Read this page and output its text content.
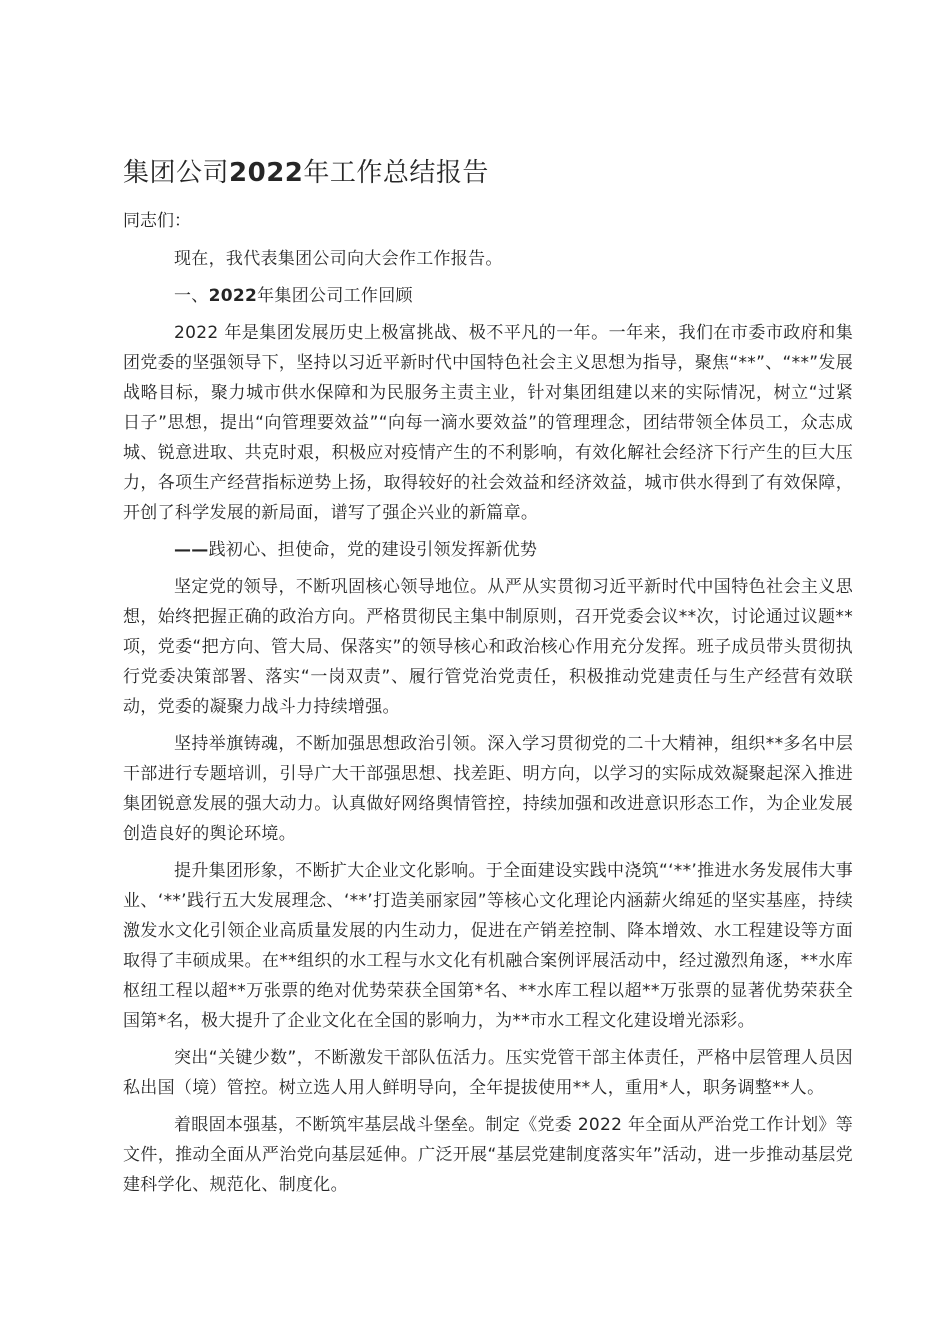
集团公司2022年工作总结报告

同志们：

现在，我代表集团公司向大会作工作报告。

一、2022年集团公司工作回顾

2022 年是集团发展历史上极富挑战、极不平凡的一年。一年来，我们在市委市政府和集团党委的坚强领导下，坚持以习近平新时代中国特色社会主义思想为指导，聚焦“**”、“**”发展战略目标，聚力城市供水保障和为民服务主责主业，针对集团组建以来的实际情况，树立“过紧日子”思想，提出“向管理要效益”“向每一滴水要效益”的管理理念，团结带领全体员工，众志成城、锐意进取、共克时艰，积极应对疫情产生的不利影响，有效化解社会经济下行产生的巨大压力，各项生产经营指标逆势上扬，取得较好的社会效益和经济效益，城市供水得到了有效保障，开创了科学发展的新局面，谱写了强企兴业的新篇章。

——践初心、担使命，党的建设引领发挥新优势

坚定党的领导，不断巩固核心领导地位。从严从实贯彻习近平新时代中国特色社会主义思想，始终把握正确的政治方向。严格贯彻民主集中制原则，召开党委会议**次，讨论通过议题**项，党委“把方向、管大局、保落实”的领导核心和政治核心作用充分发挥。班子成员带头贯彻执行党委决策部署、落实“一岗双责”、履行管党治党责任，积极推动党建责任与生产经营有效联动，党委的凝聚力战斗力持续增强。

坚持举旗铸魂，不断加强思想政治引领。深入学习贯彻党的二十大精神，组织**多名中层干部进行专题培训，引导广大干部强思想、找差距、明方向，以学习的实际成效凝聚起深入推进集团锐意发展的强大动力。认真做好网络舆情管控，持续加强和改进意识形态工作，为企业发展创造良好的舆论环境。

提升集团形象，不断扩大企业文化影响。于全面建设实践中浇筑“‘**’推进水务发展伟大事业、‘**’践行五大发展理念、‘**’打造美丽家园”等核心文化理论内涵薪火绵延的坚实基座，持续激发水文化引领企业高质量发展的内生动力，促进在产销差控制、降本增效、水工程建设等方面取得了丰硕成果。在**组织的水工程与水文化有机融合案例评展活动中，经过激烈角逐，**水库枢纽工程以超**万张票的绝对优势荣获全国第*名、**水库工程以超**万张票的显著优势荣获全国第*名，极大提升了企业文化在全国的影响力，为**市水工程文化建设增光添彩。

突出“关键少数”，不断激发干部队伍活力。压实党管干部主体责任，严格中层管理人员因私出国（境）管控。树立选人用人鲜明导向，全年提拔使用**人，重用*人，职务调整**人。

着眼固本强基，不断筑牢基层战斗堡垒。制定《党委 2022 年全面从严治党工作计划》等文件，推动全面从严治党向基层延伸。广泛开展“基层党建制度落实年”活动，进一步推动基层党建科学化、规范化、制度化。
